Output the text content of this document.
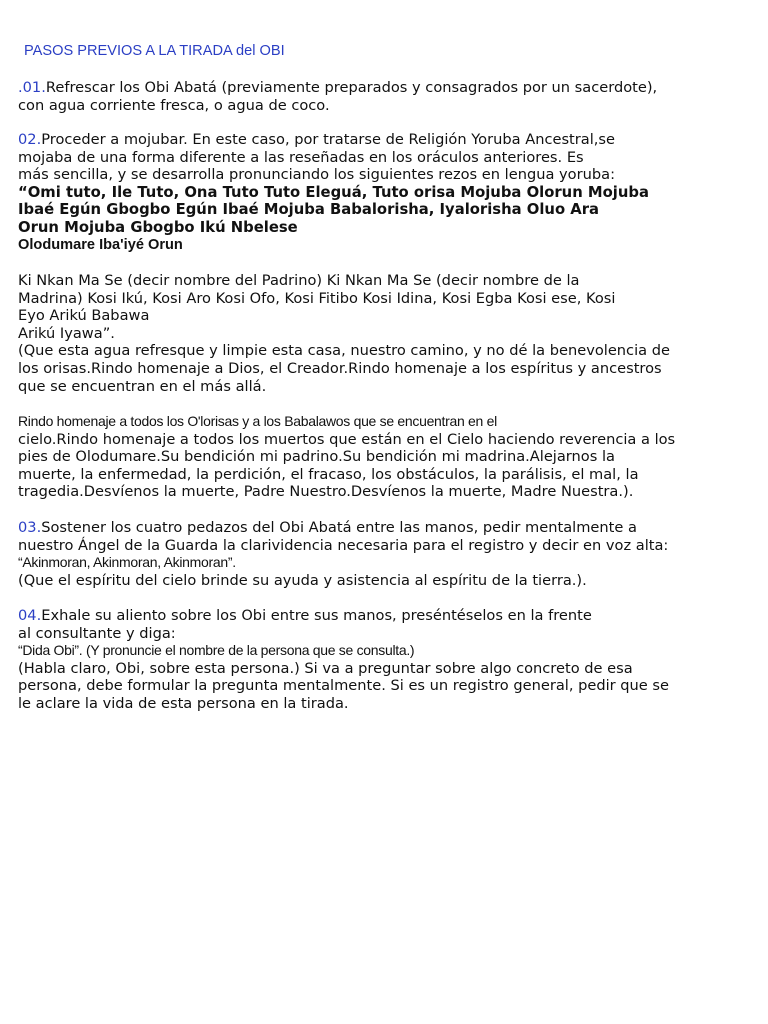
PASOS PREVIOS A LA TIRADA del OBI
.01.Refrescar los Obi Abatá (previamente preparados y consagrados por un sacerdote),
con agua corriente fresca, o agua de coco.
02.Proceder a mojubar. En este caso, por tratarse de Religión Yoruba Ancestral,se
mojaba de una forma diferente a las reseñadas en los oráculos anteriores. Es
más sencilla, y se desarrolla pronunciando los siguientes rezos en lengua yoruba:
“Omi tuto, Ile Tuto, Ona Tuto Tuto Eleguá, Tuto orisa Mojuba Olorun Mojuba
Ibaé Egún Gbogbo Egún Ibaé Mojuba Babalorisha, Iyalorisha Oluo Ara
Orun Mojuba Gbogbo Ikú Nbelese
Olodumare Iba'iyé Orun
Ki Nkan Ma Se (decir nombre del Padrino) Ki Nkan Ma Se (decir nombre de la
Madrina) Kosi Ikú, Kosi Aro Kosi Ofo, Kosi Fitibo Kosi Idina, Kosi Egba Kosi ese, Kosi
Eyo Arikú Babawa
Arikú Iyawa”.
(Que esta agua refresque y limpie esta casa, nuestro camino, y no dé la benevolencia de
los orisas.Rindo homenaje a Dios, el Creador.Rindo homenaje a los espíritus y ancestros
que se encuentran en el más allá.
Rindo homenaje a todos los O'lorisas y a los Babalawos que se encuentran en el
cielo.Rindo homenaje a todos los muertos que están en el Cielo haciendo reverencia a los
pies de Olodumare.Su bendición mi padrino.Su bendición mi madrina.Alejarnos la
muerte, la enfermedad, la perdición, el fracaso, los obstáculos, la parálisis, el mal, la
tragedia.Desvíenos la muerte, Padre Nuestro.Desvíenos la muerte, Madre Nuestra.).
03.Sostener los cuatro pedazos del Obi Abatá entre las manos, pedir mentalmente a
nuestro Ángel de la Guarda la clarividencia necesaria para el registro y decir en voz alta:
“Akinmoran, Akinmoran, Akinmoran”.
(Que el espíritu del cielo brinde su ayuda y asistencia al espíritu de la tierra.).
04.Exhale su aliento sobre los Obi entre sus manos, preséntéselos en la frente
al consultante y diga:
“Dida Obi”. (Y pronuncie el nombre de la persona que se consulta.)
(Habla claro, Obi, sobre esta persona.) Si va a preguntar sobre algo concreto de esa
persona, debe formular la pregunta mentalmente. Si es un registro general, pedir que se
le aclare la vida de esta persona en la tirada.
